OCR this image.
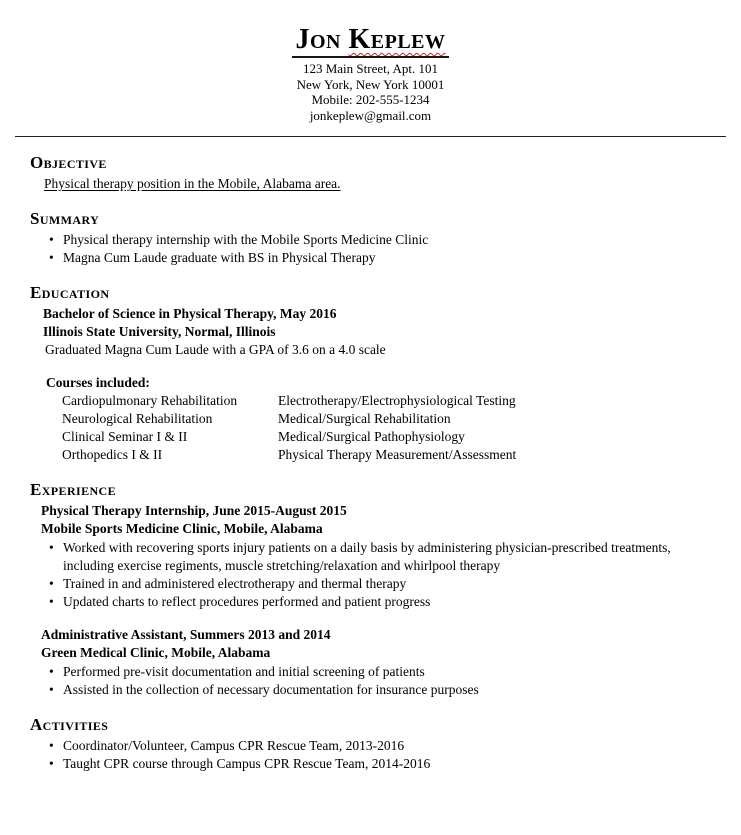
Jon Keplew
123 Main Street, Apt. 101
New York, New York 10001
Mobile: 202-555-1234
jonkeplew@gmail.com
Objective

Physical therapy position in the Mobile, Alabama area.

Summary
• Physical therapy internship with the Mobile Sports Medicine Clinic
• Magna Cum Laude graduate with BS in Physical Therapy
Education
Bachelor of Science in Physical Therapy, May 2016
Illinois State University, Normal, Illinois
Graduated Magna Cum Laude with a GPA of 3.6 on a 4.0 scale
Courses included:
Cardiopulmonary Rehabilitation	Electrotherapy/Electrophysiological Testing
Neurological Rehabilitation	Medical/Surgical Rehabilitation
Clinical Seminar I & II	Medical/Surgical Pathophysiology
Orthopedics I & II	Physical Therapy Measurement/Assessment
Experience
Physical Therapy Internship, June 2015-August 2015
Mobile Sports Medicine Clinic, Mobile, Alabama
• Worked with recovering sports injury patients on a daily basis by administering physician-prescribed treatments, including exercise regiments, muscle stretching/relaxation and whirlpool therapy
• Trained in and administered electrotherapy and thermal therapy
• Updated charts to reflect procedures performed and patient progress
Administrative Assistant, Summers 2013 and 2014
Green Medical Clinic, Mobile, Alabama
• Performed pre-visit documentation and initial screening of patients
• Assisted in the collection of necessary documentation for insurance purposes
Activities
• Coordinator/Volunteer, Campus CPR Rescue Team, 2013-2016
• Taught CPR course through Campus CPR Rescue Team, 2014-2016
